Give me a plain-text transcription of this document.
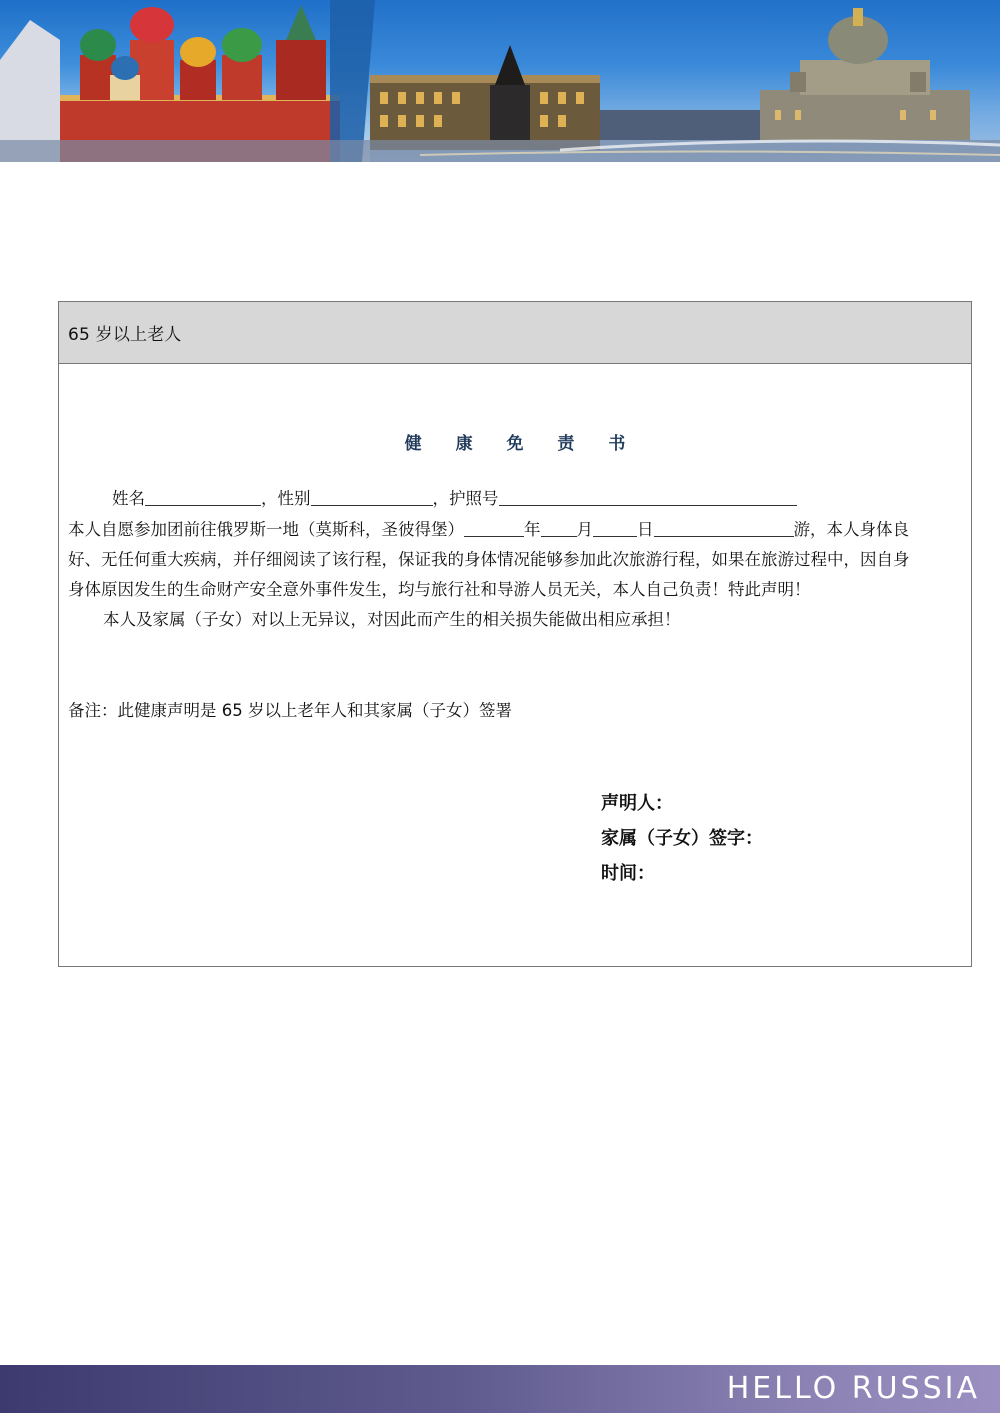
65 岁以上老人
健 康 免 责 书
姓名	，性别	，护照号
本人自愿参加团前往俄罗斯一地（莫斯科，圣彼得堡）	年 月	日	游，本人身体良
好、无任何重大疾病，并仔细阅读了该行程，保证我的身体情况能够参加此次旅游行程，如果在旅游过程中，因自身
身体原因发生的生命财产安全意外事件发生，均与旅行社和导游人员无关，本人自己负责！特此声明！
本人及家属（子女）对以上无异议，对因此而产生的相关损失能做出相应承担！
备注：此健康声明是 65 岁以上老年人和其家属（子女）签署
声明人：
家属（子女）签字：
时间：
HELLO RUSSIA
